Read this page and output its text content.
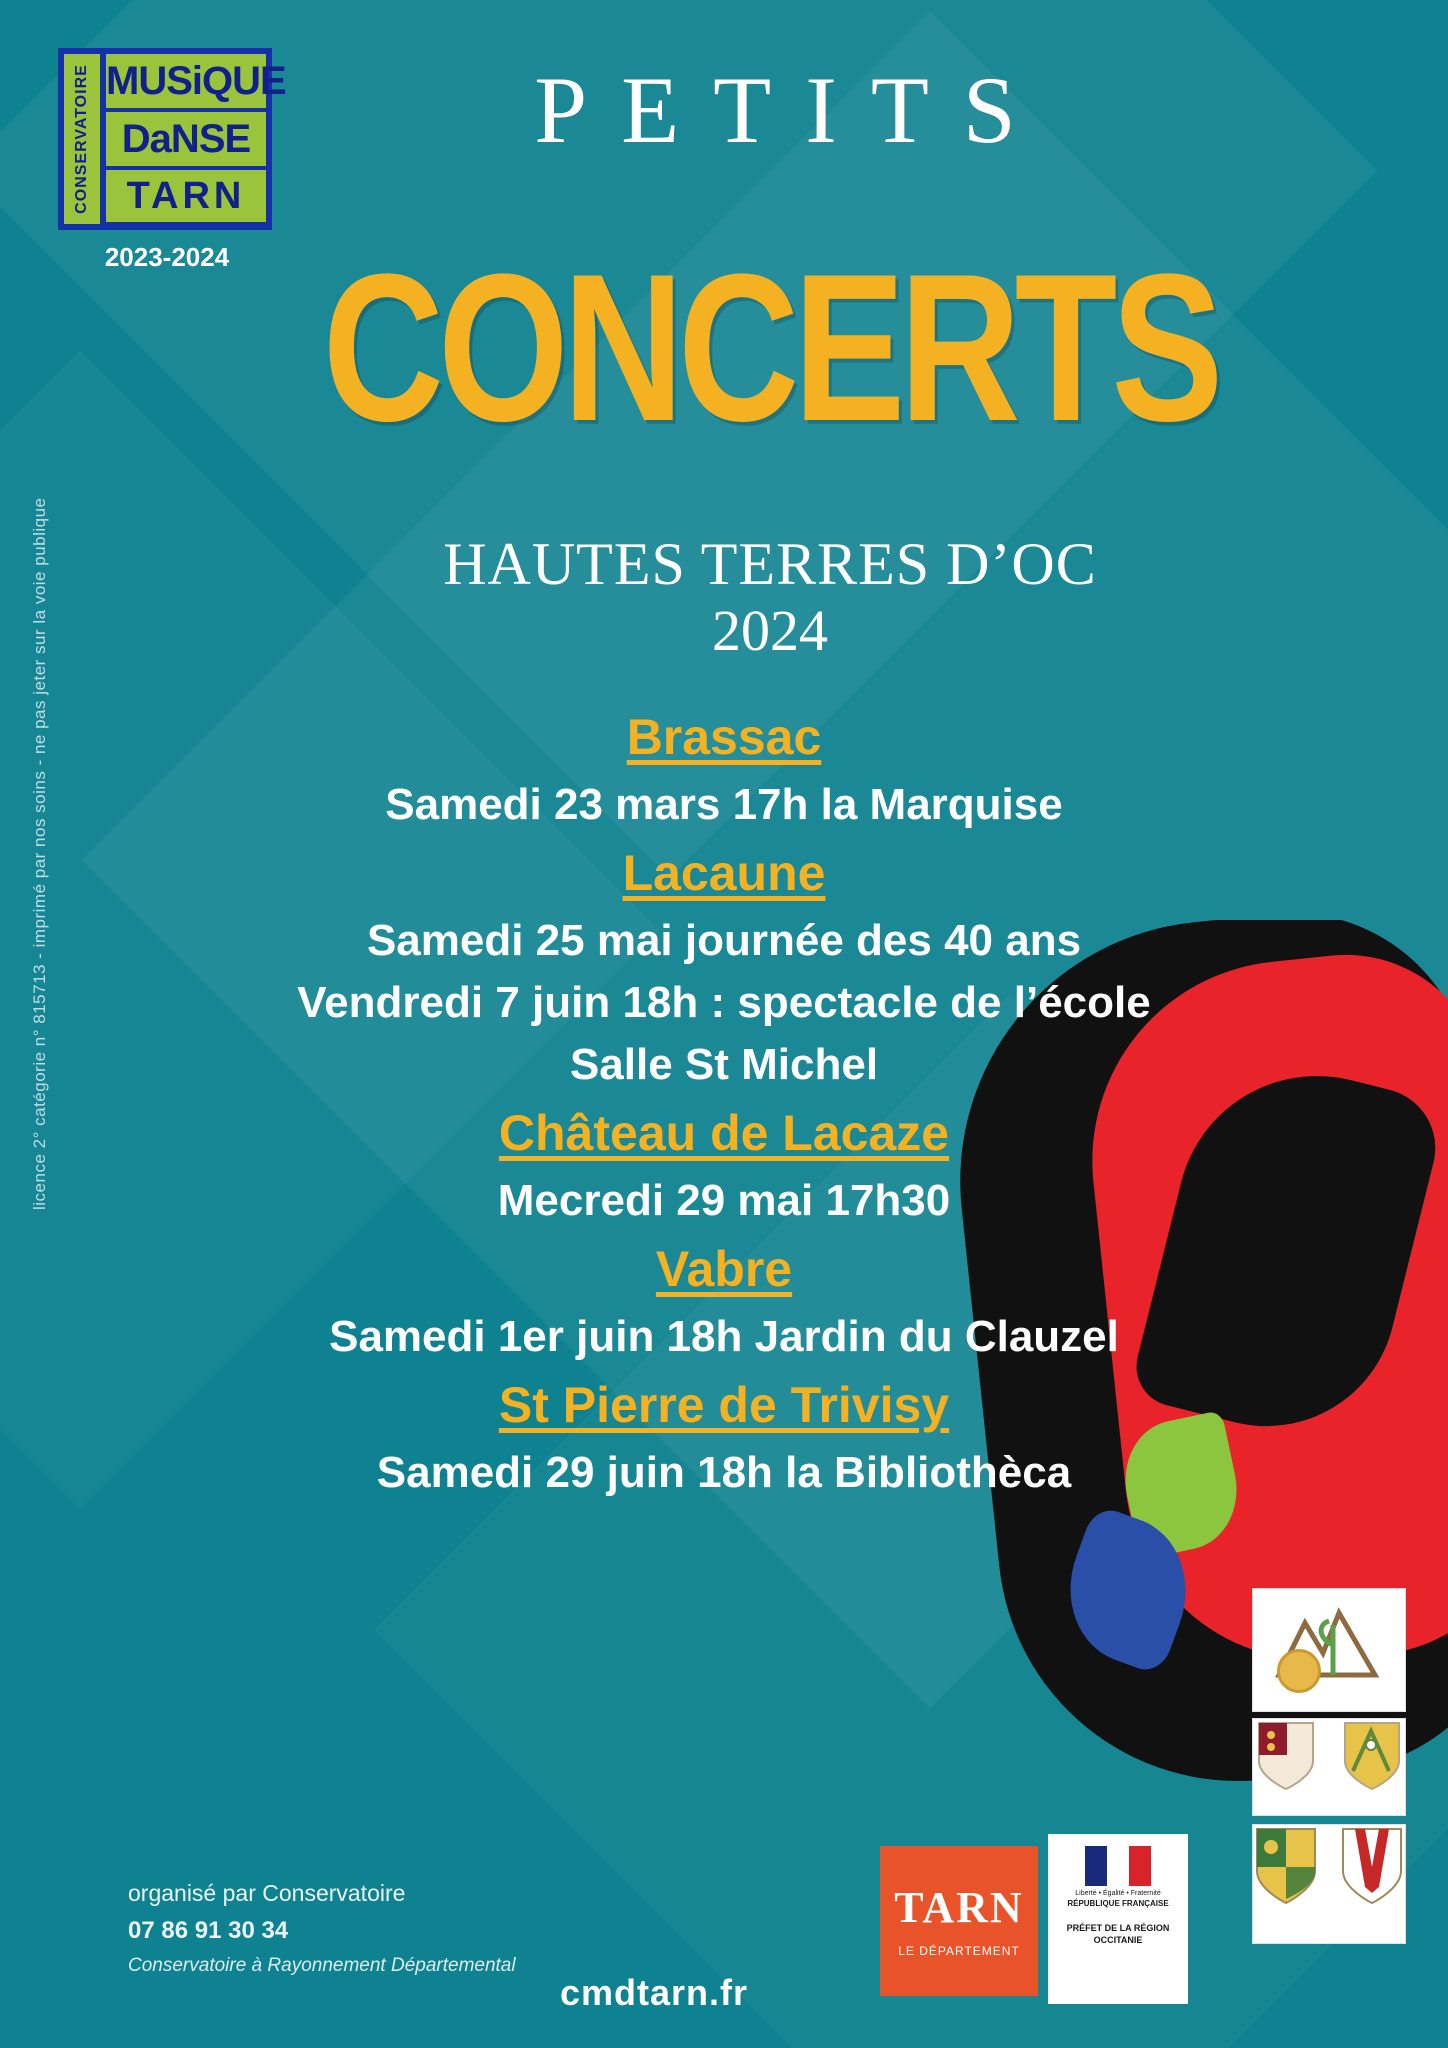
CONSERVATOIRE MUSiQUE
DaNSE
TARN
2023-2024
PETITS
CONCERTS
HAUTES TERRES D’OC
2024
Brassac
Samedi 23 mars 17h la Marquise
Lacaune
Samedi 25 mai journée des 40 ans
Vendredi 7 juin 18h : spectacle de l’école
Salle St Michel
Château de Lacaze
Mecredi 29 mai 17h30
Vabre
Samedi 1er juin 18h Jardin du Clauzel
St Pierre de Trivisy
Samedi 29 juin 18h la Bibliothèca
licence 2° catégorie n° 815713 - imprimé par nos soins - ne pas jeter sur la voie publique
organisé par Conservatoire
07 86 91 30 34
Conservatoire à Rayonnement Départemental
cmdtarn.fr
TARN
LE DÉPARTEMENT
Liberté • Égalité • Fraternité
RÉPUBLIQUE FRANÇAISE
PRÉFET DE LA RÉGION OCCITANIE
